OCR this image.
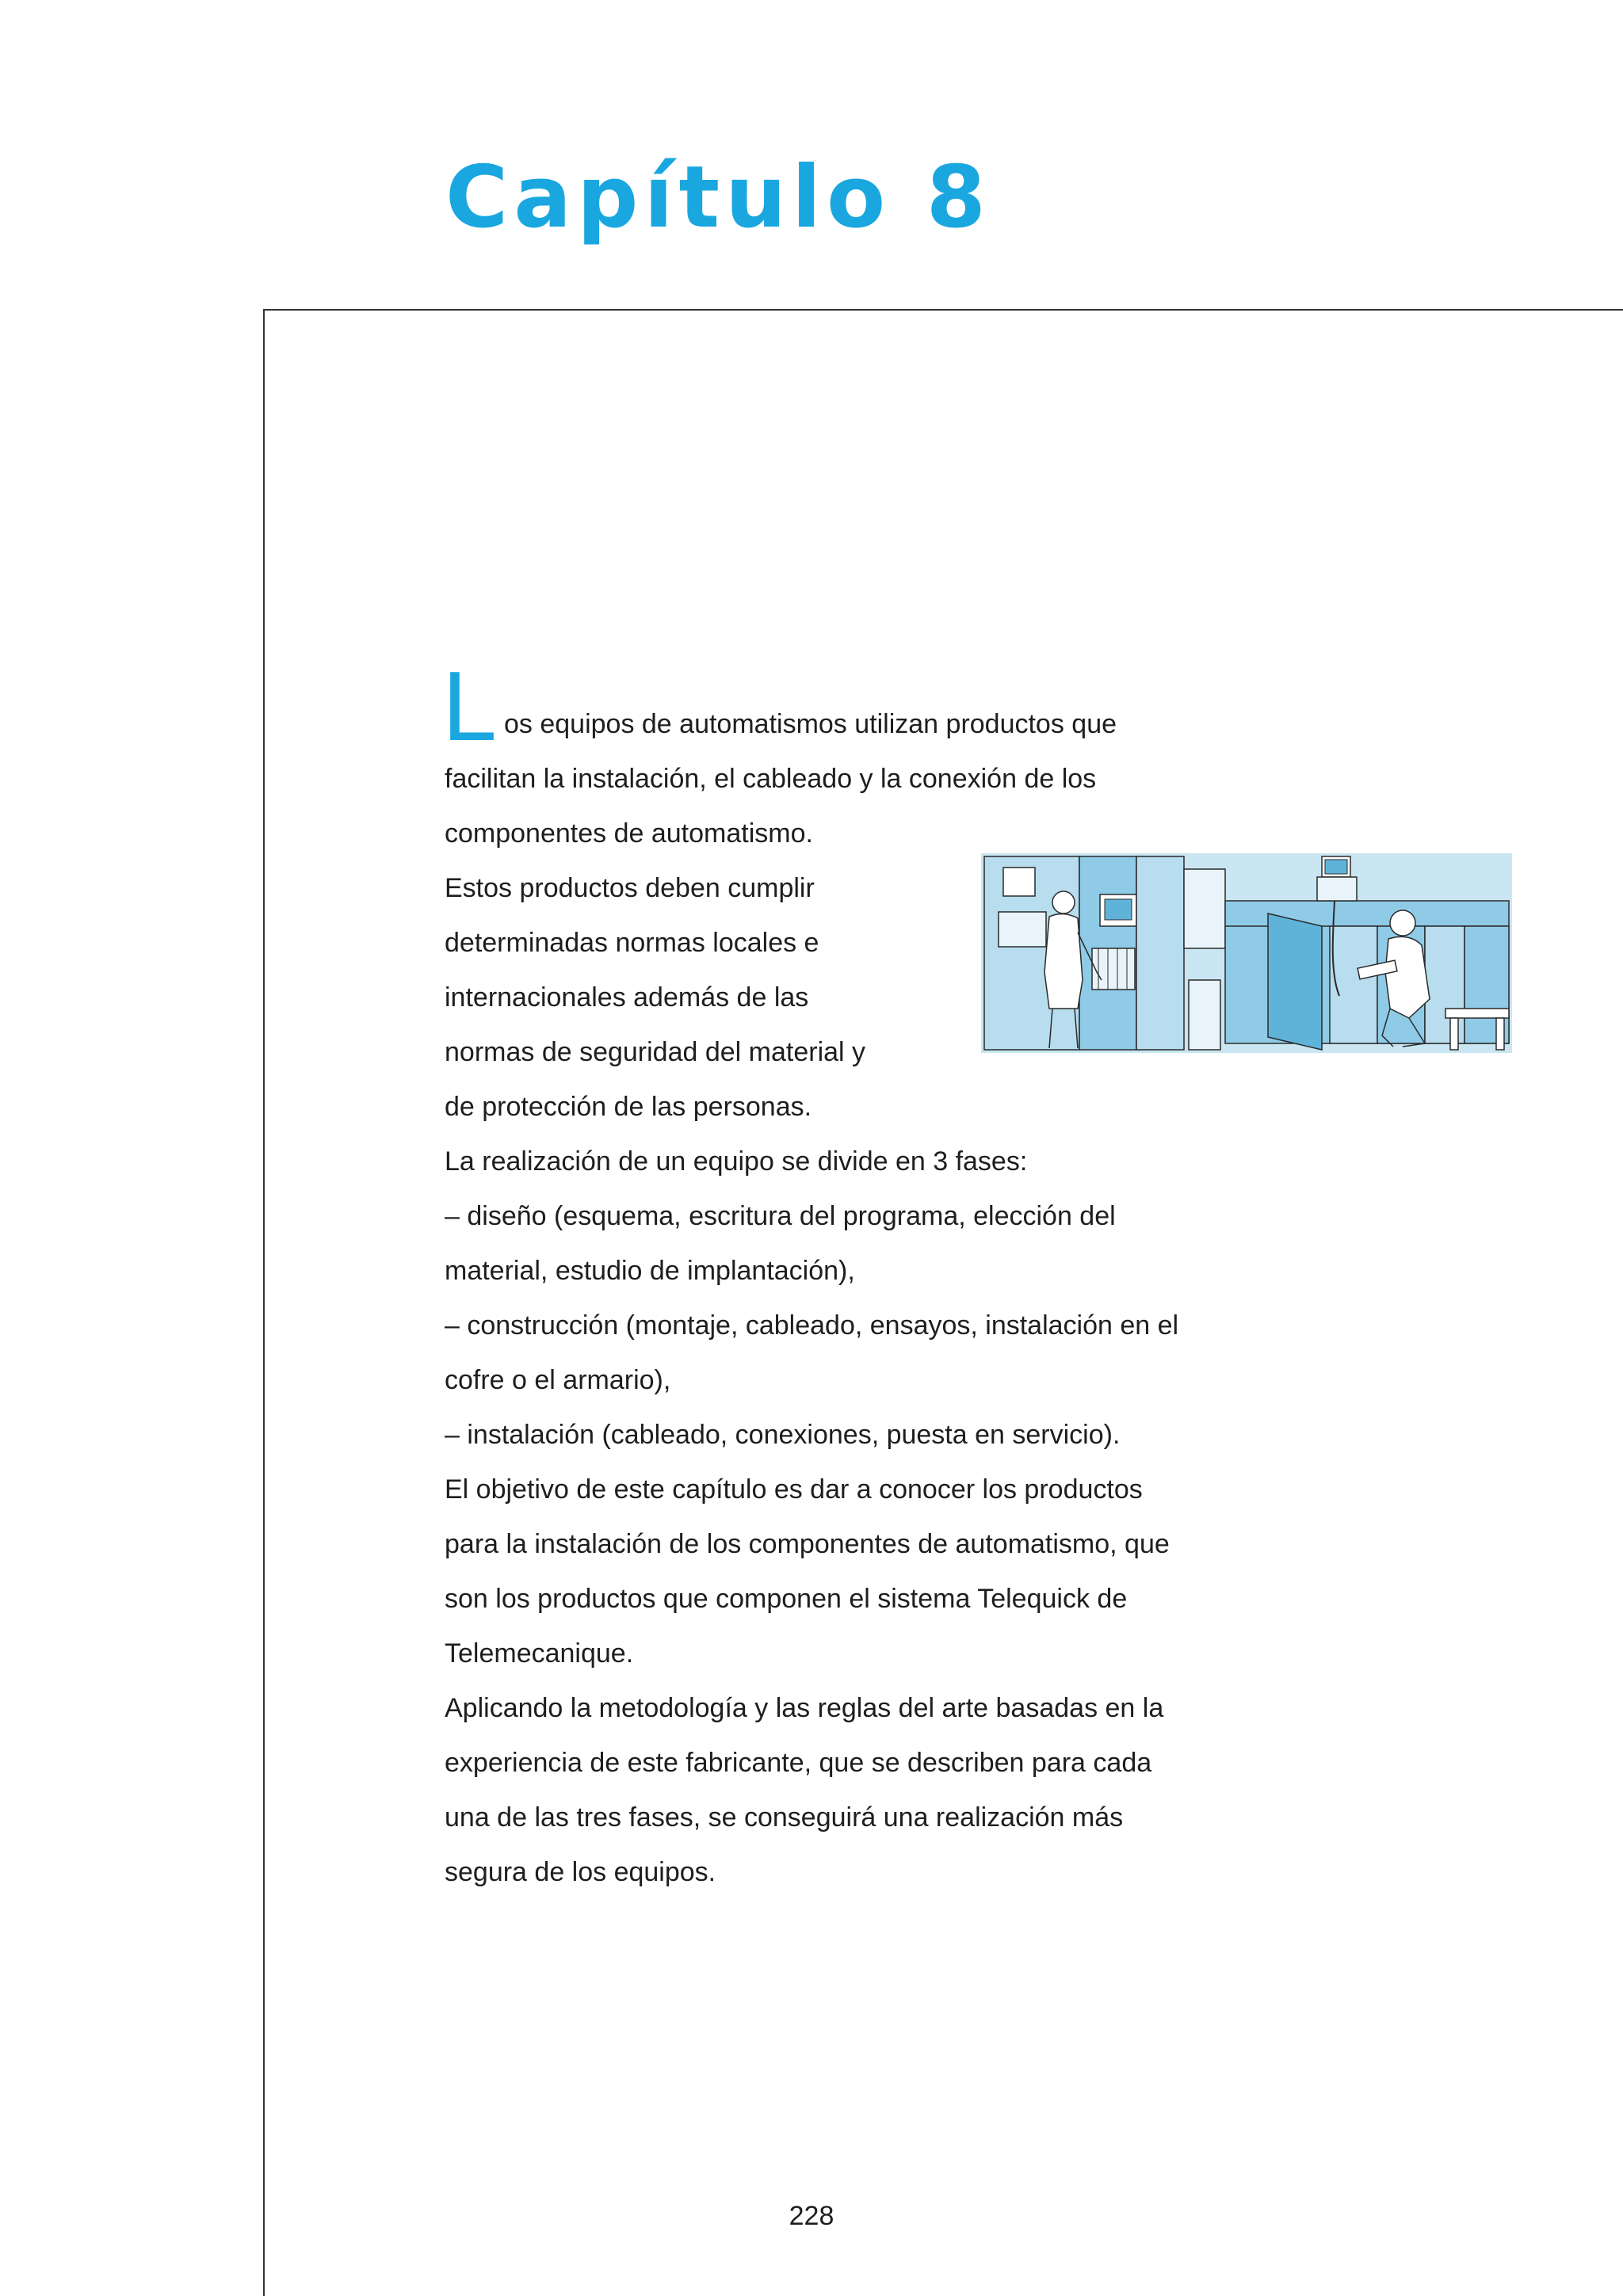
Capítulo 8
L os equipos de automatismos utilizan productos que
facilitan la instalación, el cableado y la conexión de los
componentes de automatismo.
Estos productos deben cumplir
determinadas normas locales e
internacionales además de las
normas de seguridad del material y
de protección de las personas.
La realización de un equipo se divide en 3 fases:
– diseño (esquema, escritura del programa, elección del
material, estudio de implantación),
– construcción (montaje, cableado, ensayos, instalación en el
cofre o el armario),
– instalación (cableado, conexiones, puesta en servicio).
El objetivo de este capítulo es dar a conocer los productos
para la instalación de los componentes de automatismo, que
son los productos que componen el sistema Telequick de
Telemecanique.
Aplicando la metodología y las reglas del arte basadas en la
experiencia de este fabricante, que se describen para cada
una de las tres fases, se conseguirá una realización más
segura de los equipos.
228
